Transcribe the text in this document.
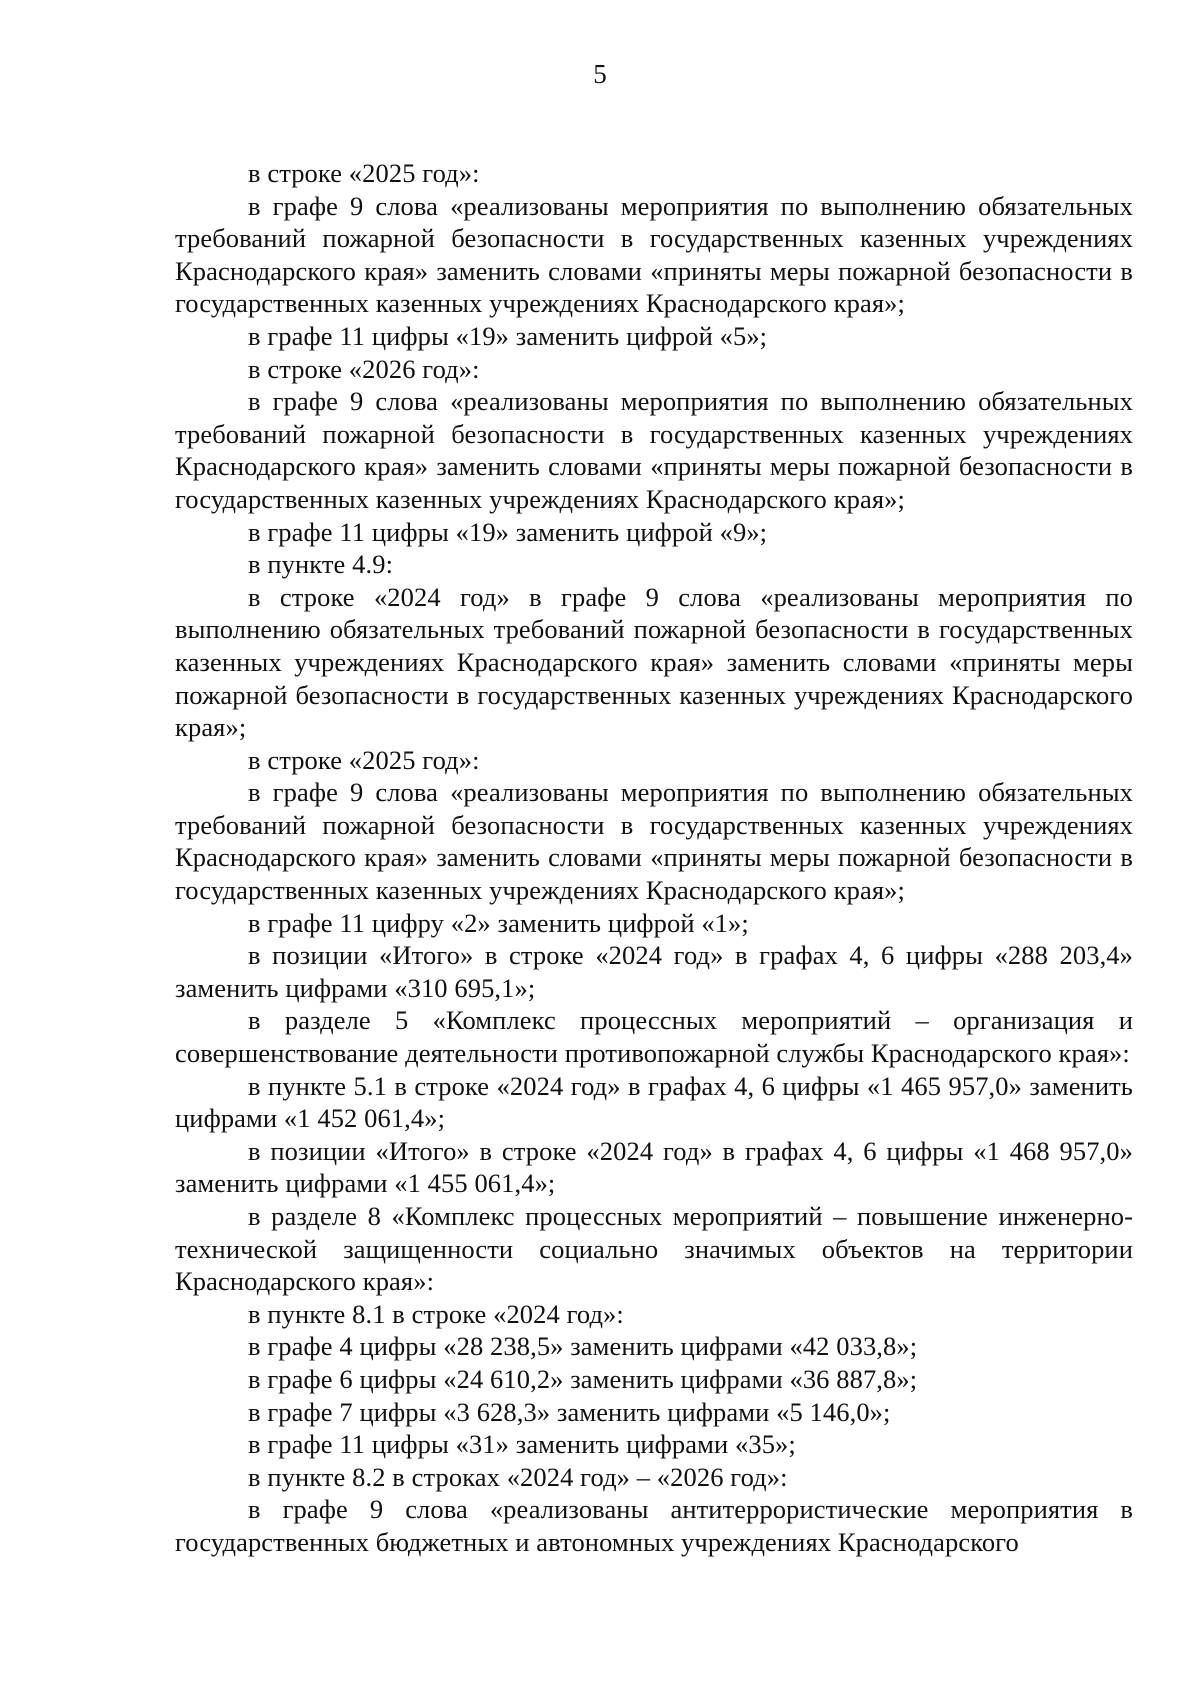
5

в строке «2025 год»:

в графе 9 слова «реализованы мероприятия по выполнению обязательных требований пожарной безопасности в государственных казенных учреждениях Краснодарского края» заменить словами «приняты меры пожарной безопасности в государственных казенных учреждениях Краснодарского края»;

в графе 11 цифры «19» заменить цифрой «5»;

в строке «2026 год»:

в графе 9 слова «реализованы мероприятия по выполнению обязательных требований пожарной безопасности в государственных казенных учреждениях Краснодарского края» заменить словами «приняты меры пожарной безопасности в государственных казенных учреждениях Краснодарского края»;

в графе 11 цифры «19» заменить цифрой «9»;

в пункте 4.9:

в строке «2024 год» в графе 9 слова «реализованы мероприятия по выполнению обязательных требований пожарной безопасности в государственных казенных учреждениях Краснодарского края» заменить словами «приняты меры пожарной безопасности в государственных казенных учреждениях Краснодарского края»;

в строке «2025 год»:

в графе 9 слова «реализованы мероприятия по выполнению обязательных требований пожарной безопасности в государственных казенных учреждениях Краснодарского края» заменить словами «приняты меры пожарной безопасности в государственных казенных учреждениях Краснодарского края»;

в графе 11 цифру «2» заменить цифрой «1»;

в позиции «Итого» в строке «2024 год» в графах 4, 6 цифры «288 203,4» заменить цифрами «310 695,1»;

в разделе 5 «Комплекс процессных мероприятий – организация и совершенствование деятельности противопожарной службы Краснодарского края»:

в пункте 5.1 в строке «2024 год» в графах 4, 6 цифры «1 465 957,0» заменить цифрами «1 452 061,4»;

в позиции «Итого» в строке «2024 год» в графах 4, 6 цифры «1 468 957,0» заменить цифрами «1 455 061,4»;

в разделе 8 «Комплекс процессных мероприятий – повышение инженерно-технической защищенности социально значимых объектов на территории Краснодарского края»:

в пункте 8.1 в строке «2024 год»:

в графе 4 цифры «28 238,5» заменить цифрами «42 033,8»;

в графе 6 цифры «24 610,2» заменить цифрами «36 887,8»;

в графе 7 цифры «3 628,3» заменить цифрами «5 146,0»;

в графе 11 цифры «31» заменить цифрами «35»;

в пункте 8.2 в строках «2024 год» – «2026 год»:

в графе 9 слова «реализованы антитеррористические мероприятия в государственных бюджетных и автономных учреждениях Краснодарского
